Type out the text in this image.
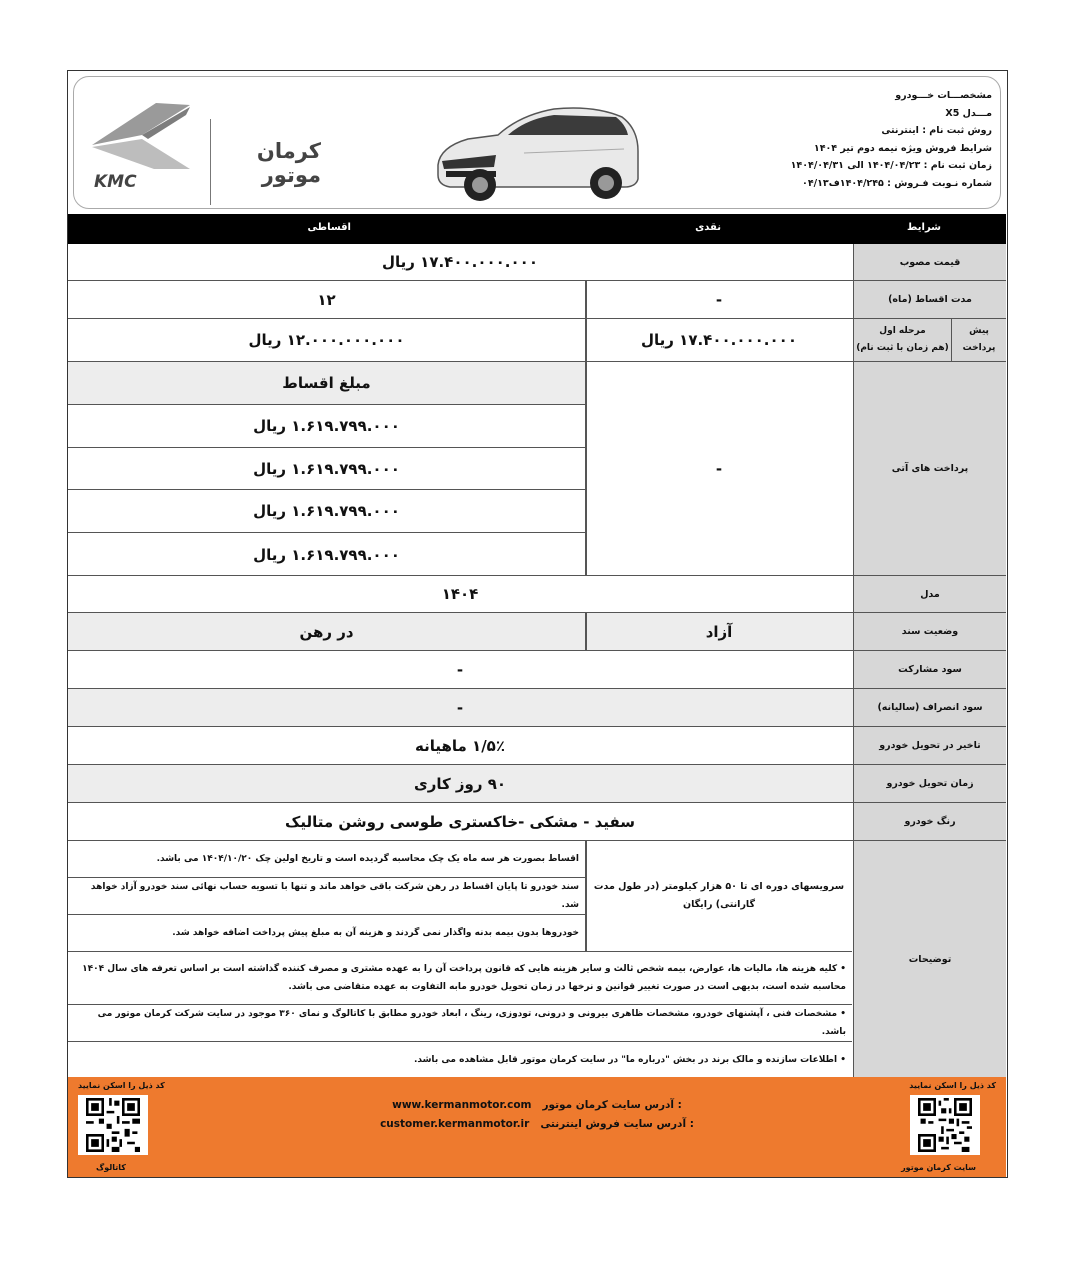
KMC
کرمان موتور
مشخصـــات خـــودرو
مـــدل X5
روش ثبت نام : اینترنتی
شرایط فروش ویژه نیمه دوم تیر ۱۴۰۴
زمان ثبت نام : ۱۴۰۴/۰۴/۲۳ الی ۱۴۰۴/۰۴/۳۱
شماره نـوبت فـروش : ۱۴۰۴/۲۴۵ف۰۴/۱۳
شرایط
نقدی
اقساطی
قیمت مصوب
۱۷.۴۰۰.۰۰۰.۰۰۰ ریال
مدت اقساط (ماه)
-
۱۲
پیش پرداخت
مرحله اول
(هم زمان با ثبت نام)
۱۷.۴۰۰.۰۰۰.۰۰۰ ریال
۱۲.۰۰۰.۰۰۰.۰۰۰ ریال
پرداخت های آتی
-
مبلغ اقساط
۱.۶۱۹.۷۹۹.۰۰۰ ریال
۱.۶۱۹.۷۹۹.۰۰۰ ریال
۱.۶۱۹.۷۹۹.۰۰۰ ریال
۱.۶۱۹.۷۹۹.۰۰۰ ریال
مدل
۱۴۰۴
وضعیت سند
آزاد
در رهن
سود مشارکت
-
سود انصراف (سالیانه)
-
تاخیر در تحویل خودرو
۱/۵٪ ماهیانه
زمان تحویل خودرو
۹۰ روز کاری
رنگ خودرو
سفید - مشکی -خاکستری طوسی روشن متالیک
توضیحات
سرویسهای دوره ای تا ۵۰ هزار کیلومتر (در طول مدت گارانتی) رایگان
اقساط بصورت هر سه ماه یک چک محاسبه گردیده است و تاریخ اولین چک ۱۴۰۴/۱۰/۲۰ می باشد.
سند خودرو تا پایان اقساط در رهن شرکت باقی خواهد ماند و تنها با تسویه حساب نهائی سند خودرو آزاد خواهد شد.
خودروها بدون بیمه بدنه واگذار نمی گردند و هزینه آن به مبلغ پیش پرداخت اضافه خواهد شد.
• کلیه هزینه ها، مالیات ها، عوارض، بیمه شخص ثالث و سایر هزینه هایی که قانون پرداخت آن را به عهده مشتری و مصرف کننده گذاشته است بر اساس تعرفه های سال ۱۴۰۴ محاسبه شده است، بدیهی است در صورت تغییر قوانین و نرخها در زمان تحویل خودرو مابه التفاوت به عهده متقاضی می باشد.
• مشخصات فنی ، آپشنهای خودرو، مشخصات ظاهری بیرونی و درونی، تودوزی، رینگ ، ابعاد خودرو مطابق با کاتالوگ و نمای ۳۶۰ موجود در سایت شرکت کرمان موتور می باشد.
• اطلاعات سازنده و مالک برند در بخش "درباره ما" در سایت کرمان موتور قابل مشاهده می باشد.
کد ذیل را اسکن نمایید
سایت کرمان موتور
کد ذیل را اسکن نمایید
کاتالوگ
www.kermanmotor.com آدرس سایت کرمان موتور :
customer.kermanmotor.ir آدرس سایت فروش اینترنتی :
